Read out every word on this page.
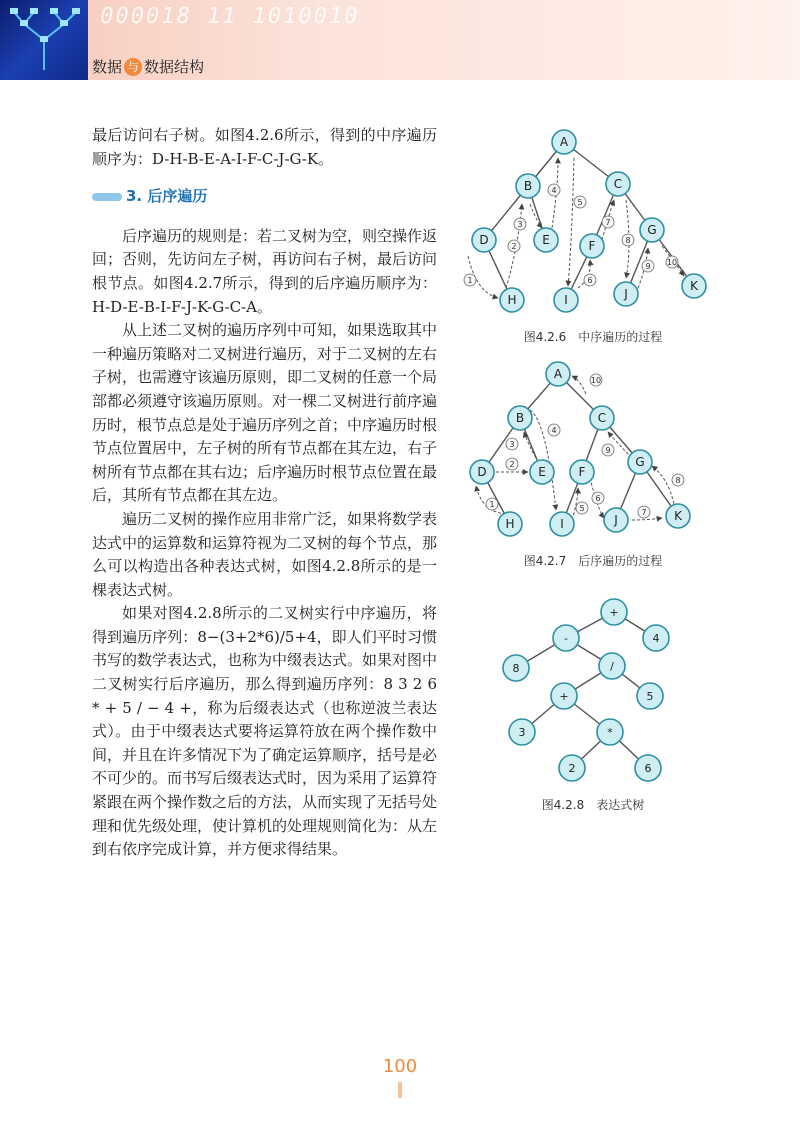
000018 11 1010010
数据 与 数据结构

最后访问右子树。如图4.2.6所示，得到的中序遍历顺序为：D-H-B-E-A-I-F-C-J-G-K。

3. 后序遍历

后序遍历的规则是：若二叉树为空，则空操作返回；否则，先访问左子树，再访问右子树，最后访问根节点。如图4.2.7所示，得到的后序遍历顺序为：H-D-E-B-I-F-J-K-G-C-A。

从上述二叉树的遍历序列中可知，如果选取其中一种遍历策略对二叉树进行遍历，对于二叉树的左右子树，也需遵守该遍历原则，即二叉树的任意一个局部都必须遵守该遍历原则。对一棵二叉树进行前序遍历时，根节点总是处于遍历序列之首；中序遍历时根节点位置居中，左子树的所有节点都在其左边，右子树所有节点都在其右边；后序遍历时根节点位置在最后，其所有节点都在其左边。

遍历二叉树的操作应用非常广泛，如果将数学表达式中的运算数和运算符视为二叉树的每个节点，那么可以构造出各种表达式树，如图4.2.8所示的是一棵表达式树。

如果对图4.2.8所示的二叉树实行中序遍历，将得到遍历序列：8−(3+2*6)/5+4，即人们平时习惯书写的数学表达式，也称为中缀表达式。如果对图中二叉树实行后序遍历，那么得到遍历序列：8 3 2 6 * + 5 / − 4 +，称为后缀表达式（也称逆波兰表达式）。由于中缀表达式要将运算符放在两个操作数中间，并且在许多情况下为了确定运算顺序，括号是必不可少的。而书写后缀表达式时，因为采用了运算符紧跟在两个操作数之后的方法，从而实现了无括号处理和优先级处理，使计算机的处理规则简化为：从左到右依序完成计算，并方便求得结果。

1
2
3
4
5
6
7
8
9 10
A
B	C
D	E	F
G
H	I	J
K
图4.2.6　中序遍历的过程
1
2
3
4
5
6
7
8
9
10
A
B	C
D	E	F
G
H	I	J	K
图4.2.7　后序遍历的过程
+
-	4
8	/
+	5
3	*
2	6
图4.2.8　表达式树
100
